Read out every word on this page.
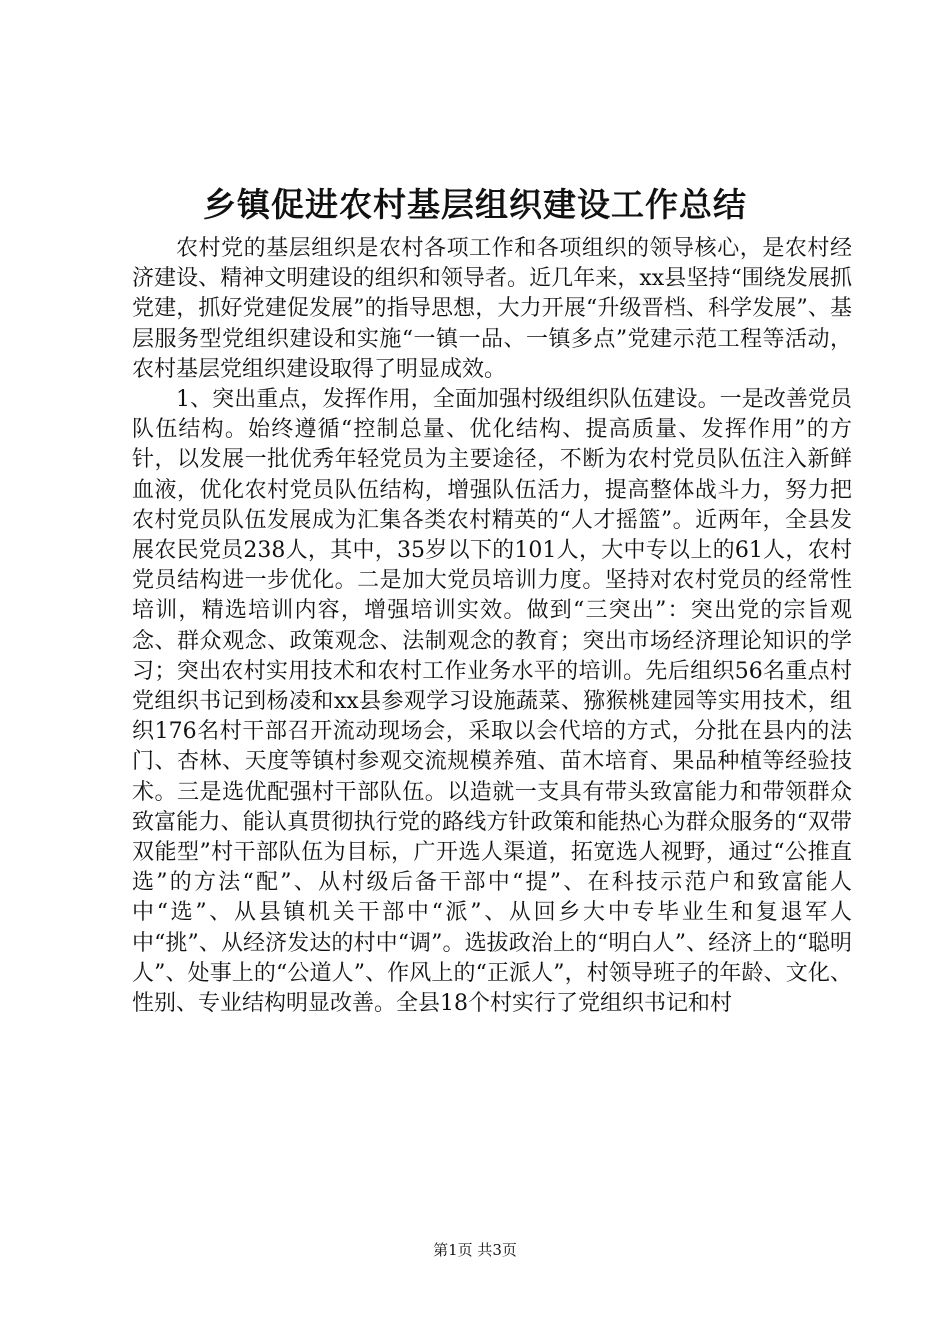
乡镇促进农村基层组织建设工作总结

农村党的基层组织是农村各项工作和各项组织的领导核心，是农村经济建设、精神文明建设的组织和领导者。近几年来，xx县坚持“围绕发展抓党建，抓好党建促发展”的指导思想，大力开展“升级晋档、科学发展”、基层服务型党组织建设和实施“一镇一品、一镇多点”党建示范工程等活动，农村基层党组织建设取得了明显成效。

1、突出重点，发挥作用，全面加强村级组织队伍建设。一是改善党员队伍结构。始终遵循“控制总量、优化结构、提高质量、发挥作用”的方针，以发展一批优秀年轻党员为主要途径，不断为农村党员队伍注入新鲜血液，优化农村党员队伍结构，增强队伍活力，提高整体战斗力，努力把农村党员队伍发展成为汇集各类农村精英的“人才摇篮”。近两年，全县发展农民党员238人，其中，35岁以下的101人，大中专以上的61人，农村党员结构进一步优化。二是加大党员培训力度。坚持对农村党员的经常性培训，精选培训内容，增强培训实效。做到“三突出”：突出党的宗旨观念、群众观念、政策观念、法制观念的教育；突出市场经济理论知识的学习；突出农村实用技术和农村工作业务水平的培训。先后组织56名重点村党组织书记到杨凌和xx县参观学习设施蔬菜、猕猴桃建园等实用技术，组织176名村干部召开流动现场会，采取以会代培的方式，分批在县内的法门、杏林、天度等镇村参观交流规模养殖、苗木培育、果品种植等经验技术。三是选优配强村干部队伍。以造就一支具有带头致富能力和带领群众致富能力、能认真贯彻执行党的路线方针政策和能热心为群众服务的“双带双能型”村干部队伍为目标，广开选人渠道，拓宽选人视野，通过“公推直选”的方法“配”、从村级后备干部中“提”、在科技示范户和致富能人中“选”、从县镇机关干部中“派”、从回乡大中专毕业生和复退军人中“挑”、从经济发达的村中“调”。选拔政治上的“明白人”、经济上的“聪明人”、处事上的“公道人”、作风上的“正派人”，村领导班子的年龄、文化、性别、专业结构明显改善。全县18个村实行了党组织书记和村

第1页 共3页
